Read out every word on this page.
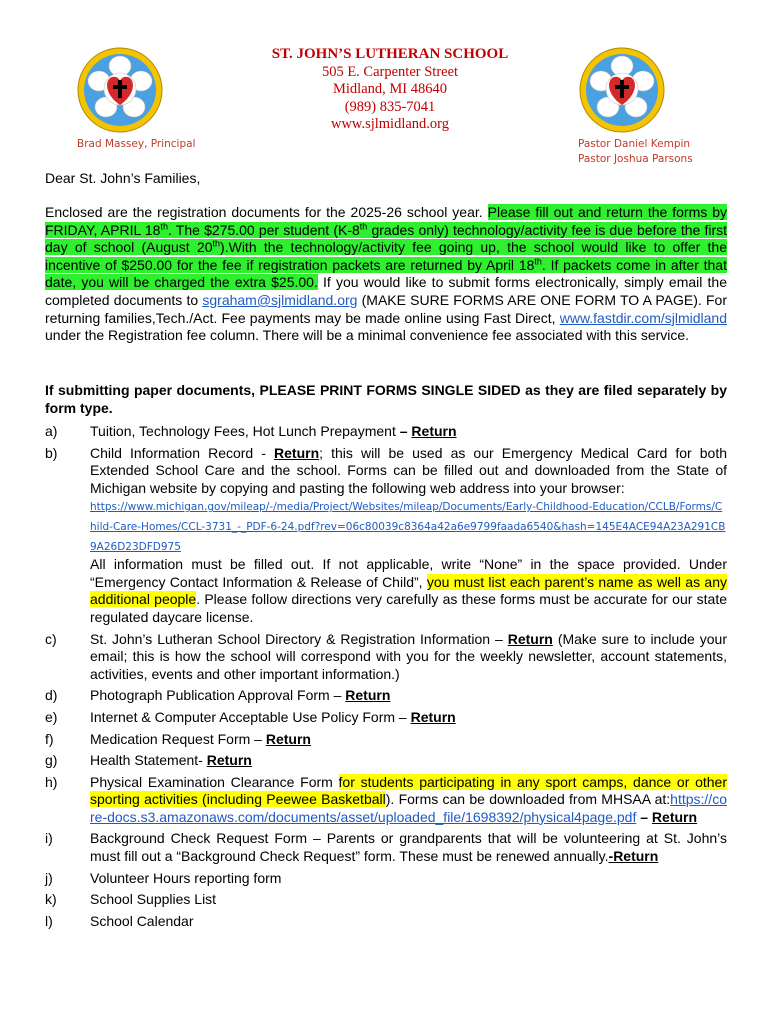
ST. JOHN’S LUTHERAN SCHOOL
505 E. Carpenter Street
Midland, MI 48640
(989) 835-7041
www.sjlmidland.org
Brad Massey, Principal	Pastor Daniel Kempin
Pastor Joshua Parsons
Dear St. John’s Families,
Enclosed are the registration documents for the 2025-26 school year. Please fill out and return the forms by FRIDAY, APRIL 18th. The $275.00 per student (K-8th grades only) technology/activity fee is due before the first day of school (August 20th).With the technology/activity fee going up, the school would like to offer the incentive of $250.00 for the fee if registration packets are returned by April 18th. If packets come in after that date, you will be charged the extra $25.00. If you would like to submit forms electronically, simply email the completed documents to sgraham@sjlmidland.org (MAKE SURE FORMS ARE ONE FORM TO A PAGE). For returning families,Tech./Act. Fee payments may be made online using Fast Direct, www.fastdir.com/sjlmidland under the Registration fee column. There will be a minimal convenience fee associated with this service.
If submitting paper documents, PLEASE PRINT FORMS SINGLE SIDED as they are filed separately by form type.
a)	Tuition, Technology Fees, Hot Lunch Prepayment – Return
b)	Child Information Record - Return; this will be used as our Emergency Medical Card for both Extended School Care and the school. Forms can be filled out and downloaded from the State of Michigan website by copying and pasting the following web address into your browser:
https://www.michigan.gov/mileap/-/media/Project/Websites/mileap/Documents/Early-Childhood-Education/CCLB/Forms/Child-Care-Homes/CCL-3731_-_PDF-6-24.pdf?rev=06c80039c8364a42a6e9799faada6540&hash=145E4ACE94A23A291CB9A26D23DFD975
All information must be filled out. If not applicable, write “None” in the space provided. Under “Emergency Contact Information & Release of Child”, you must list each parent’s name as well as any additional people. Please follow directions very carefully as these forms must be accurate for our state regulated daycare license.
c)	St. John’s Lutheran School Directory & Registration Information – Return (Make sure to include your email; this is how the school will correspond with you for the weekly newsletter, account statements, activities, events and other important information.)
d)	Photograph Publication Approval Form – Return
e)	Internet & Computer Acceptable Use Policy Form – Return
f)	Medication Request Form – Return
g)	Health Statement- Return
h)	Physical Examination Clearance Form for students participating in any sport camps, dance or other sporting activities (including Peewee Basketball). Forms can be downloaded from MHSAA at:https://core-docs.s3.amazonaws.com/documents/asset/uploaded_file/1698392/physical4page.pdf – Return
i)	Background Check Request Form – Parents or grandparents that will be volunteering at St. John’s must fill out a “Background Check Request” form. These must be renewed annually.-Return
j)	Volunteer Hours reporting form
k)	School Supplies List
l)	School Calendar
